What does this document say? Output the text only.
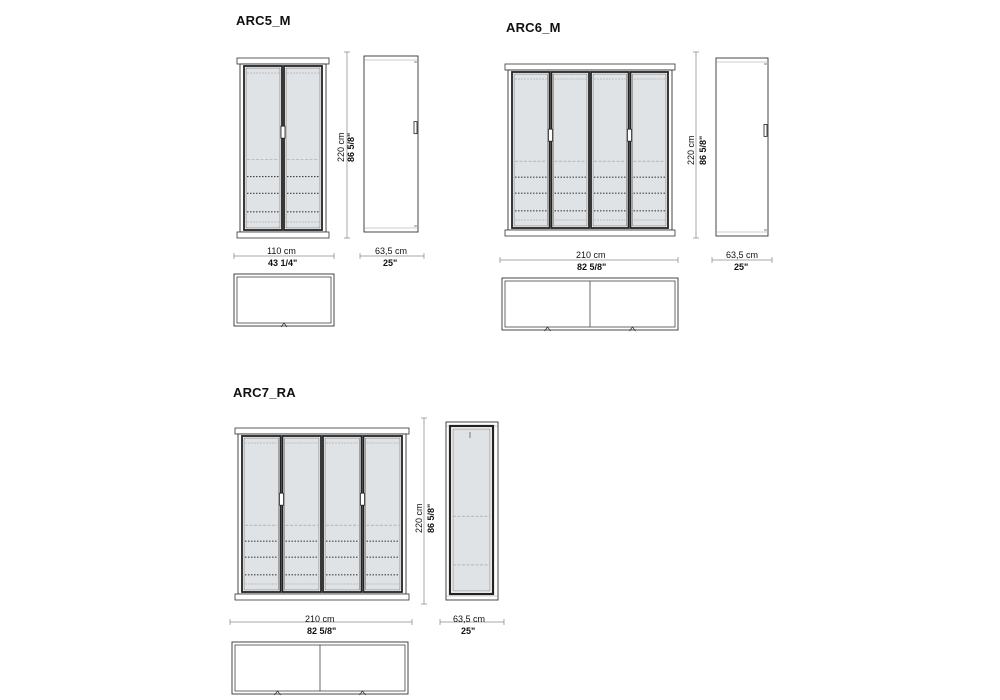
ARC5_M	ARC6_M
ARC7_RA
110 cm
43 1/4"
63,5 cm
25"
220 cm 86 5/8"
210 cm
82 5/8"
63,5 cm
25"
220 cm 86 5/8"
210 cm
82 5/8"
63,5 cm
25"
220 cm 86 5/8"
